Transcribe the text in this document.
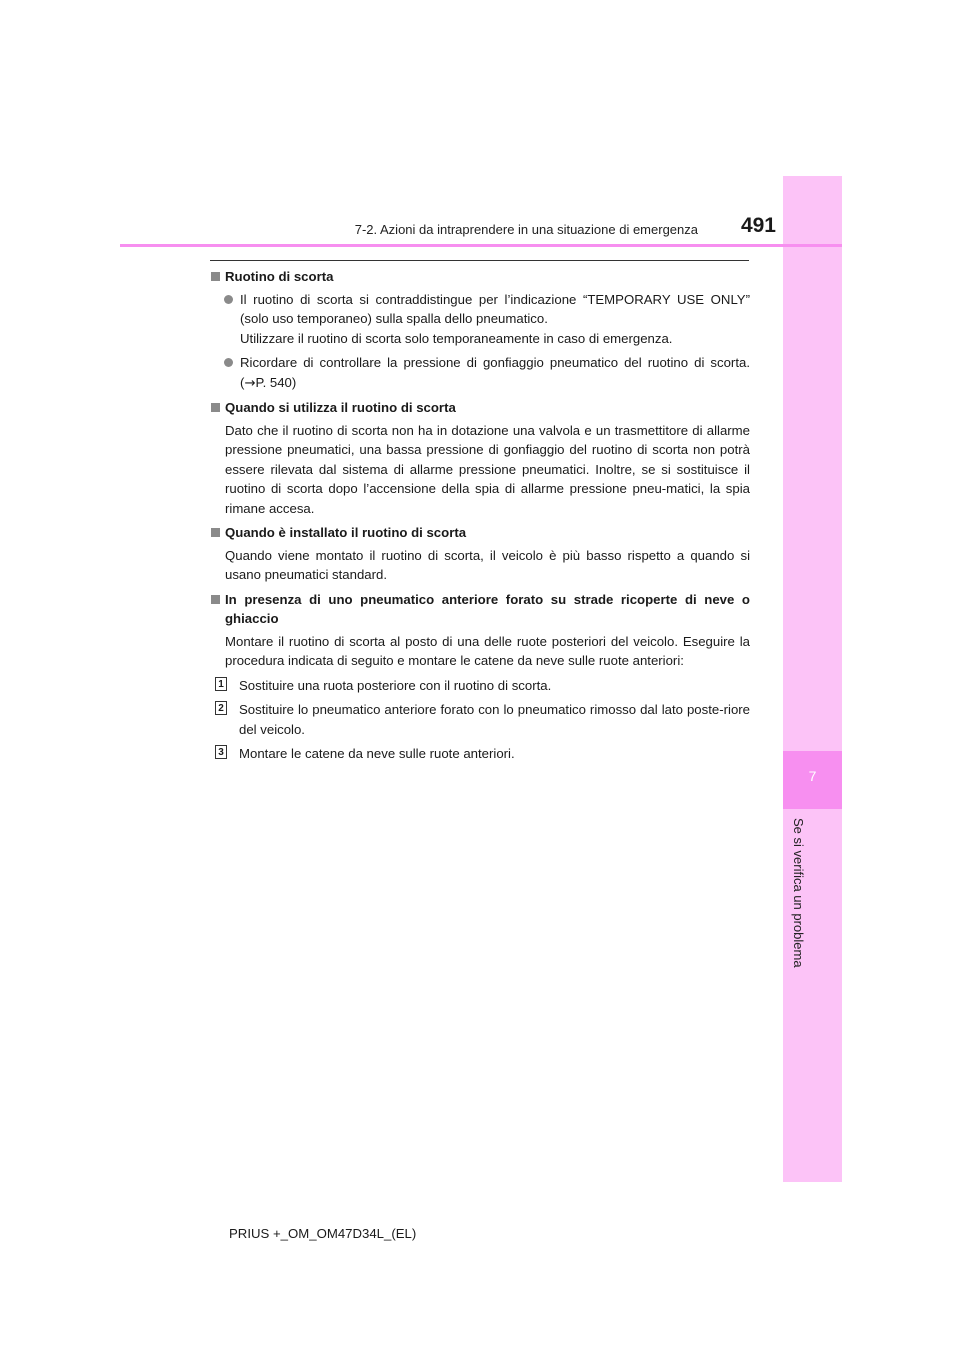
7
Se si verifica un problema
7-2. Azioni da intraprendere in una situazione di emergenza	491
Ruotino di scorta
Il ruotino di scorta si contraddistingue per l’indicazione “TEMPORARY USE ONLY” (solo uso temporaneo) sulla spalla dello pneumatico.
Utilizzare il ruotino di scorta solo temporaneamente in caso di emergenza.
Ricordare di controllare la pressione di gonfiaggio pneumatico del ruotino di scorta. (→P. 540)
Quando si utilizza il ruotino di scorta
Dato che il ruotino di scorta non ha in dotazione una valvola e un trasmettitore di allarme pressione pneumatici, una bassa pressione di gonfiaggio del ruotino di scorta non potrà essere rilevata dal sistema di allarme pressione pneumatici. Inoltre, se si sostituisce il ruotino di scorta dopo l’accensione della spia di allarme pressione pneu-matici, la spia rimane accesa.
Quando è installato il ruotino di scorta
Quando viene montato il ruotino di scorta, il veicolo è più basso rispetto a quando si usano pneumatici standard.
In presenza di uno pneumatico anteriore forato su strade ricoperte di neve o ghiaccio
Montare il ruotino di scorta al posto di una delle ruote posteriori del veicolo. Eseguire la procedura indicata di seguito e montare le catene da neve sulle ruote anteriori:
1 Sostituire una ruota posteriore con il ruotino di scorta.
2 Sostituire lo pneumatico anteriore forato con lo pneumatico rimosso dal lato poste-riore del veicolo.
3 Montare le catene da neve sulle ruote anteriori.
PRIUS +_OM_OM47D34L_(EL)
